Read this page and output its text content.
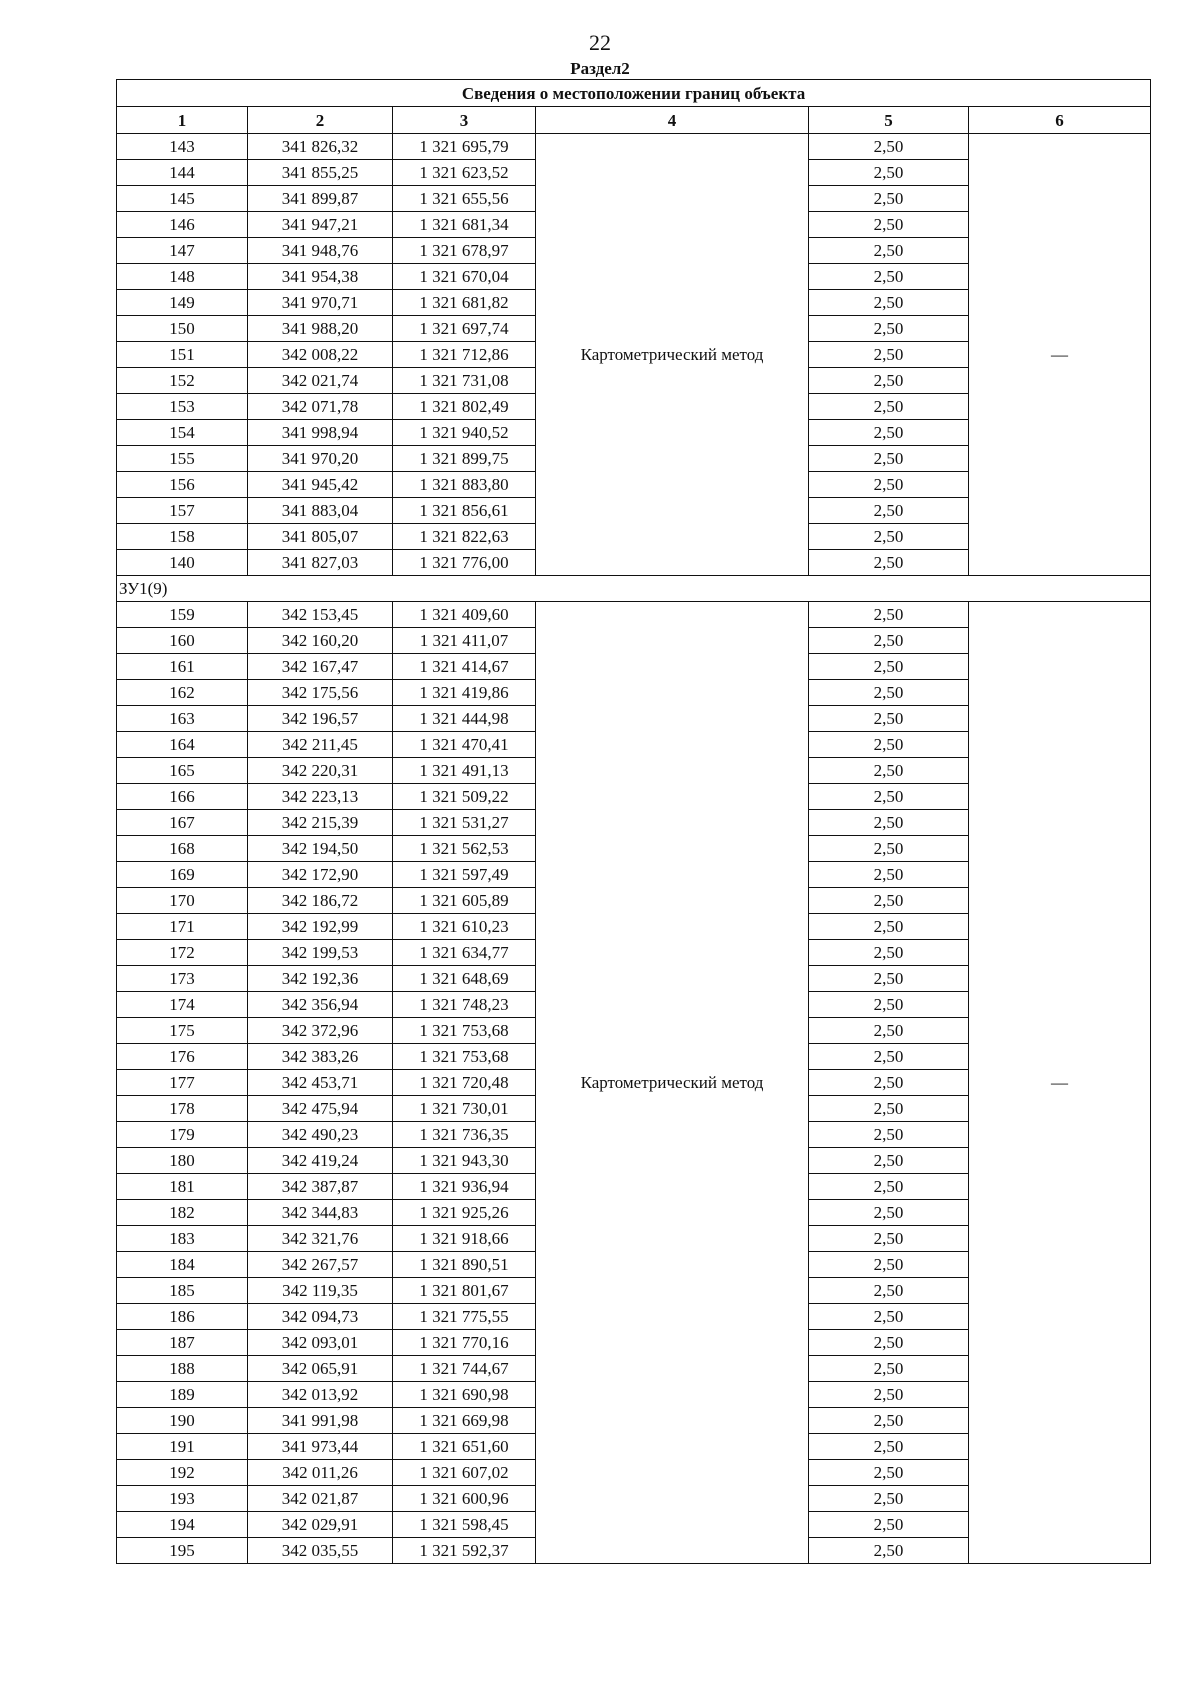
22
Раздел2
Сведения о местоположении границ объекта					
1	2	3	4	5	6
143	341 826,32	1 321 695,79	Картометрический метод	2,50	—
144	341 855,25	1 321 623,52		2,50	
145	341 899,87	1 321 655,56		2,50	
146	341 947,21	1 321 681,34		2,50	
147	341 948,76	1 321 678,97		2,50	
148	341 954,38	1 321 670,04		2,50	
149	341 970,71	1 321 681,82		2,50	
150	341 988,20	1 321 697,74		2,50	
151	342 008,22	1 321 712,86		2,50	
152	342 021,74	1 321 731,08		2,50	
153	342 071,78	1 321 802,49		2,50	
154	341 998,94	1 321 940,52		2,50	
155	341 970,20	1 321 899,75		2,50	
156	341 945,42	1 321 883,80		2,50	
157	341 883,04	1 321 856,61		2,50	
158	341 805,07	1 321 822,63		2,50	
140	341 827,03	1 321 776,00		2,50	
ЗУ1(9)					
159	342 153,45	1 321 409,60	Картометрический метод	2,50	—
160	342 160,20	1 321 411,07		2,50	
161	342 167,47	1 321 414,67		2,50	
162	342 175,56	1 321 419,86		2,50	
163	342 196,57	1 321 444,98		2,50	
164	342 211,45	1 321 470,41		2,50	
165	342 220,31	1 321 491,13		2,50	
166	342 223,13	1 321 509,22		2,50	
167	342 215,39	1 321 531,27		2,50	
168	342 194,50	1 321 562,53		2,50	
169	342 172,90	1 321 597,49		2,50	
170	342 186,72	1 321 605,89		2,50	
171	342 192,99	1 321 610,23		2,50	
172	342 199,53	1 321 634,77		2,50	
173	342 192,36	1 321 648,69		2,50	
174	342 356,94	1 321 748,23		2,50	
175	342 372,96	1 321 753,68		2,50	
176	342 383,26	1 321 753,68		2,50	
177	342 453,71	1 321 720,48		2,50	
178	342 475,94	1 321 730,01		2,50	
179	342 490,23	1 321 736,35		2,50	
180	342 419,24	1 321 943,30		2,50	
181	342 387,87	1 321 936,94		2,50	
182	342 344,83	1 321 925,26		2,50	
183	342 321,76	1 321 918,66		2,50	
184	342 267,57	1 321 890,51		2,50	
185	342 119,35	1 321 801,67		2,50	
186	342 094,73	1 321 775,55		2,50	
187	342 093,01	1 321 770,16		2,50	
188	342 065,91	1 321 744,67		2,50	
189	342 013,92	1 321 690,98		2,50	
190	341 991,98	1 321 669,98		2,50	
191	341 973,44	1 321 651,60		2,50	
192	342 011,26	1 321 607,02		2,50	
193	342 021,87	1 321 600,96		2,50	
194	342 029,91	1 321 598,45		2,50	
195	342 035,55	1 321 592,37		2,50	
